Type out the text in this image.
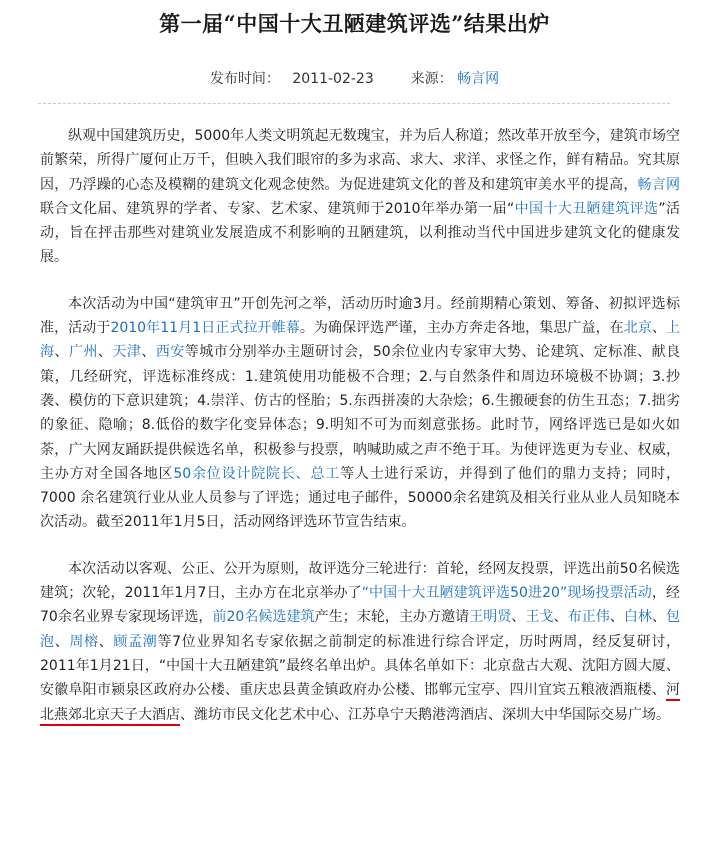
第一届“中国十大丑陋建筑评选”结果出炉
发布时间： 2011-02-23	来源： 畅言网

纵观中国建筑历史，5000年人类文明筑起无数瑰宝，并为后人称道；然改革开放至今，建筑市场空前繁荣，所得广厦何止万千，但映入我们眼帘的多为求高、求大、求洋、求怪之作，鲜有精品。究其原因，乃浮躁的心态及模糊的建筑文化观念使然。为促进建筑文化的普及和建筑审美水平的提高，畅言网联合文化届、建筑界的学者、专家、艺术家、建筑师于2010年举办第一届“中国十大丑陋建筑评选”活动，旨在抨击那些对建筑业发展造成不利影响的丑陋建筑，以利推动当代中国进步建筑文化的健康发展。

本次活动为中国“建筑审丑”开创先河之举，活动历时逾3月。经前期精心策划、筹备、初拟评选标准，活动于2010年11月1日正式拉开帷幕。为确保评选严谨，主办方奔走各地，集思广益，在北京、上海、广州、天津、西安等城市分别举办主题研讨会，50余位业内专家审大势、论建筑、定标准、献良策，几经研究，评选标准终成：1.建筑使用功能极不合理；2.与自然条件和周边环境极不协调；3.抄袭、模仿的下意识建筑；4.崇洋、仿古的怪胎；5.东西拼凑的大杂烩；6.生搬硬套的仿生丑态；7.拙劣的象征、隐喻；8.低俗的数字化变异体态；9.明知不可为而刻意张扬。此时节，网络评选已是如火如荼，广大网友踊跃提供候选名单，积极参与投票，呐喊助威之声不绝于耳。为使评选更为专业、权威，主办方对全国各地区50余位设计院院长、总工等人士进行采访，并得到了他们的鼎力支持；同时，7000 余名建筑行业从业人员参与了评选；通过电子邮件，50000余名建筑及相关行业从业人员知晓本次活动。截至2011年1月5日，活动网络评选环节宣告结束。

本次活动以客观、公正、公开为原则，故评选分三轮进行：首轮，经网友投票，评选出前50名候选建筑；次轮，2011年1月7日，主办方在北京举办了“中国十大丑陋建筑评选50进20”现场投票活动，经70余名业界专家现场评选，前20名候选建筑产生；末轮，主办方邀请王明贤、王戈、布正伟、白林、包泡、周榕、顾孟潮等7位业界知名专家依据之前制定的标准进行综合评定，历时两周，经反复研讨，2011年1月21日，“中国十大丑陋建筑”最终名单出炉。具体名单如下：北京盘古大观、沈阳方圆大厦、安徽阜阳市颍泉区政府办公楼、重庆忠县黄金镇政府办公楼、邯郸元宝亭、四川宜宾五粮液酒瓶楼、河北燕郊北京天子大酒店、潍坊市民文化艺术中心、江苏阜宁天鹅港湾酒店、深圳大中华国际交易广场。
